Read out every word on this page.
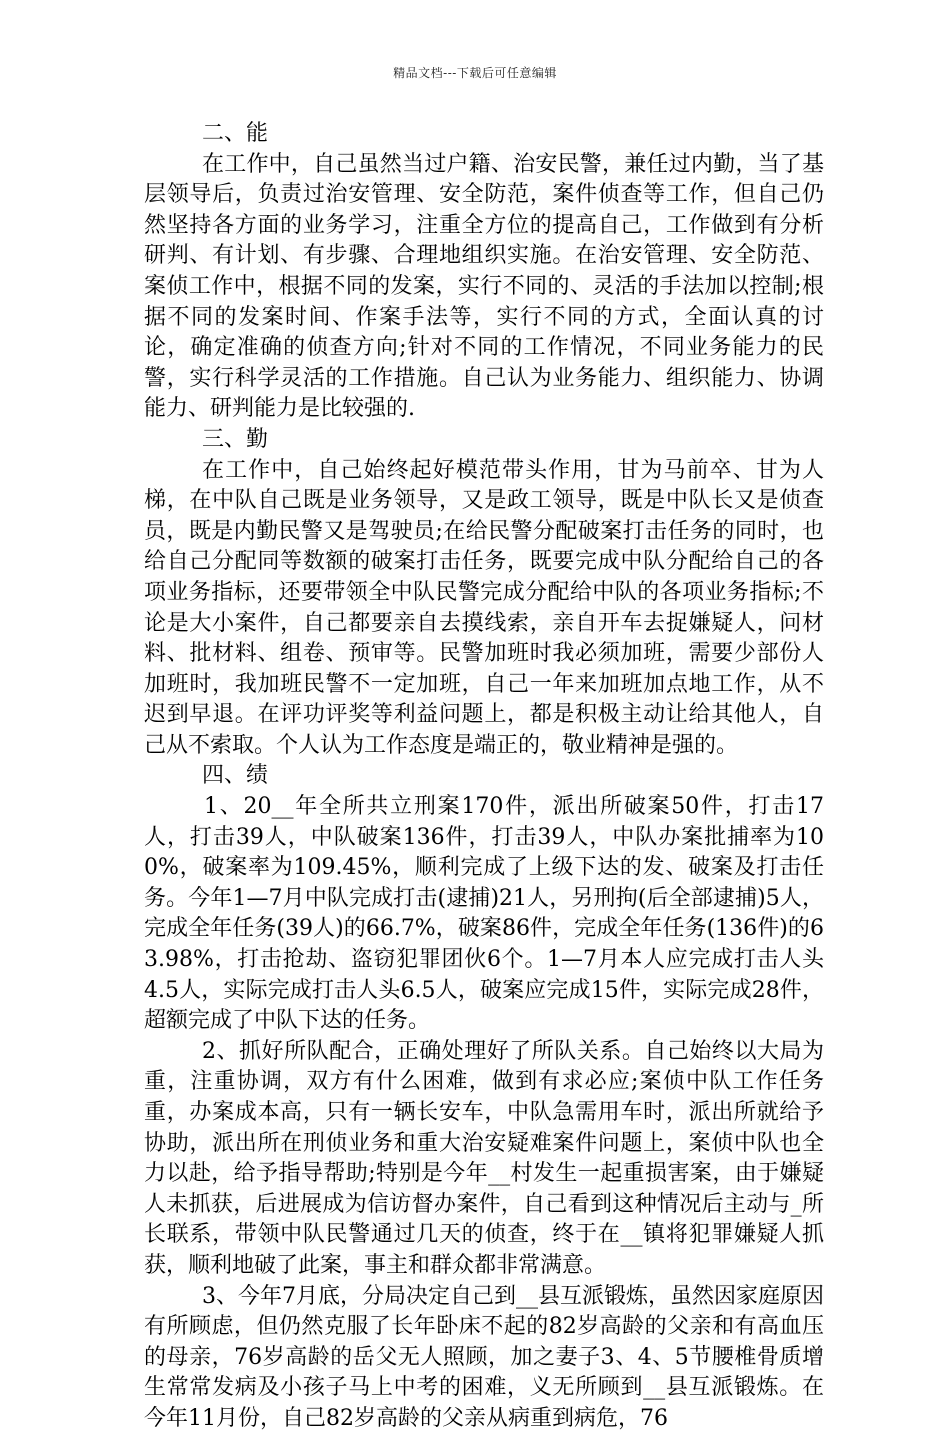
精品文档---下载后可任意编辑

二、能

在工作中，自己虽然当过户籍、治安民警，兼任过内勤，当了基层领导后，负责过治安管理、安全防范，案件侦查等工作，但自己仍然坚持各方面的业务学习，注重全方位的提高自己，工作做到有分析研判、有计划、有步骤、合理地组织实施。在治安管理、安全防范、案侦工作中，根据不同的发案，实行不同的、灵活的手法加以控制;根据不同的发案时间、作案手法等，实行不同的方式，全面认真的讨论，确定准确的侦查方向;针对不同的工作情况，不同业务能力的民警，实行科学灵活的工作措施。自己认为业务能力、组织能力、协调能力、研判能力是比较强的.

三、勤

在工作中，自己始终起好模范带头作用，甘为马前卒、甘为人梯，在中队自己既是业务领导，又是政工领导，既是中队长又是侦查员，既是内勤民警又是驾驶员;在给民警分配破案打击任务的同时，也给自己分配同等数额的破案打击任务，既要完成中队分配给自己的各项业务指标，还要带领全中队民警完成分配给中队的各项业务指标;不论是大小案件，自己都要亲自去摸线索，亲自开车去捉嫌疑人，问材料、批材料、组卷、预审等。民警加班时我必须加班，需要少部份人加班时，我加班民警不一定加班，自己一年来加班加点地工作，从不迟到早退。在评功评奖等利益问题上，都是积极主动让给其他人，自己从不索取。个人认为工作态度是端正的，敬业精神是强的。

四、绩

1、20__年全所共立刑案170件，派出所破案50件，打击17人，打击39人，中队破案136件，打击39人，中队办案批捕率为100%，破案率为109.45%，顺利完成了上级下达的发、破案及打击任务。今年1—7月中队完成打击(逮捕)21人，另刑拘(后全部逮捕)5人，完成全年任务(39人)的66.7%，破案86件，完成全年任务(136件)的63.98%，打击抢劫、盗窃犯罪团伙6个。1—7月本人应完成打击人头4.5人，实际完成打击人头6.5人，破案应完成15件，实际完成28件，超额完成了中队下达的任务。

2、抓好所队配合，正确处理好了所队关系。自己始终以大局为重，注重协调，双方有什么困难，做到有求必应;案侦中队工作任务重，办案成本高，只有一辆长安车，中队急需用车时，派出所就给予协助，派出所在刑侦业务和重大治安疑难案件问题上，案侦中队也全力以赴，给予指导帮助;特别是今年__村发生一起重损害案，由于嫌疑人未抓获，后进展成为信访督办案件，自己看到这种情况后主动与_所长联系，带领中队民警通过几天的侦查，终于在__镇将犯罪嫌疑人抓获，顺利地破了此案，事主和群众都非常满意。

3、今年7月底，分局决定自己到__县互派锻炼，虽然因家庭原因有所顾虑，但仍然克服了长年卧床不起的82岁高龄的父亲和有高血压的母亲，76岁高龄的岳父无人照顾，加之妻子3、4、5节腰椎骨质增生常常发病及小孩子马上中考的困难，义无所顾到__县互派锻炼。在今年11月份，自己82岁高龄的父亲从病重到病危，76
